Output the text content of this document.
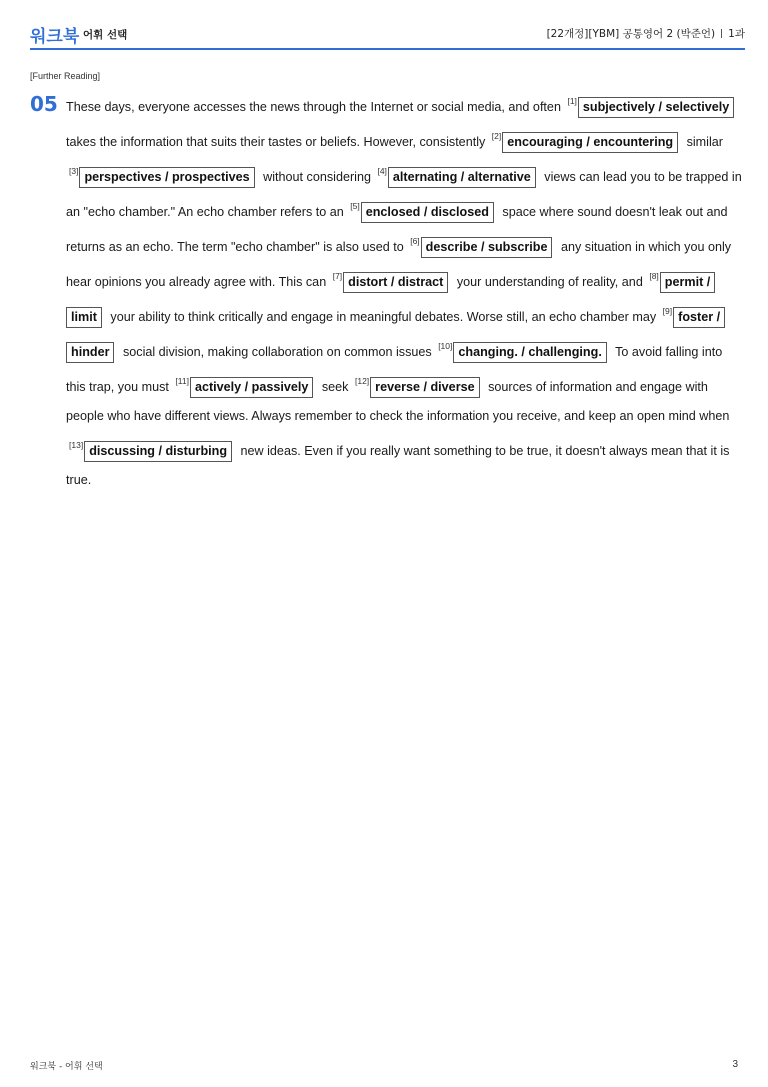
워크북 어휘 선택	[22개정][YBM] 공통영어 2 (박준언) 1과
[Further Reading]
05 These days, everyone accesses the news through the Internet or social media, and often [1] subjectively / selectively takes the information that suits their tastes or beliefs. However, consistently [2] encouraging / encountering similar [3] perspectives / prospectives without considering [4] alternating / alternative views can lead you to be trapped in an "echo chamber." An echo chamber refers to an [5] enclosed / disclosed space where sound doesn't leak out and returns as an echo. The term "echo chamber" is also used to [6] describe / subscribe any situation in which you only hear opinions you already agree with. This can [7] distort / distract your understanding of reality, and [8] permit / limit your ability to think critically and engage in meaningful debates. Worse still, an echo chamber may [9] foster / hinder social division, making collaboration on common issues [10] changing. / challenging. To avoid falling into this trap, you must [11] actively / passively seek [12] reverse / diverse sources of information and engage with people who have different views. Always remember to check the information you receive, and keep an open mind when [13] discussing / disturbing new ideas. Even if you really want something to be true, it doesn't always mean that it is true.
워크북 - 어휘 선택	3
